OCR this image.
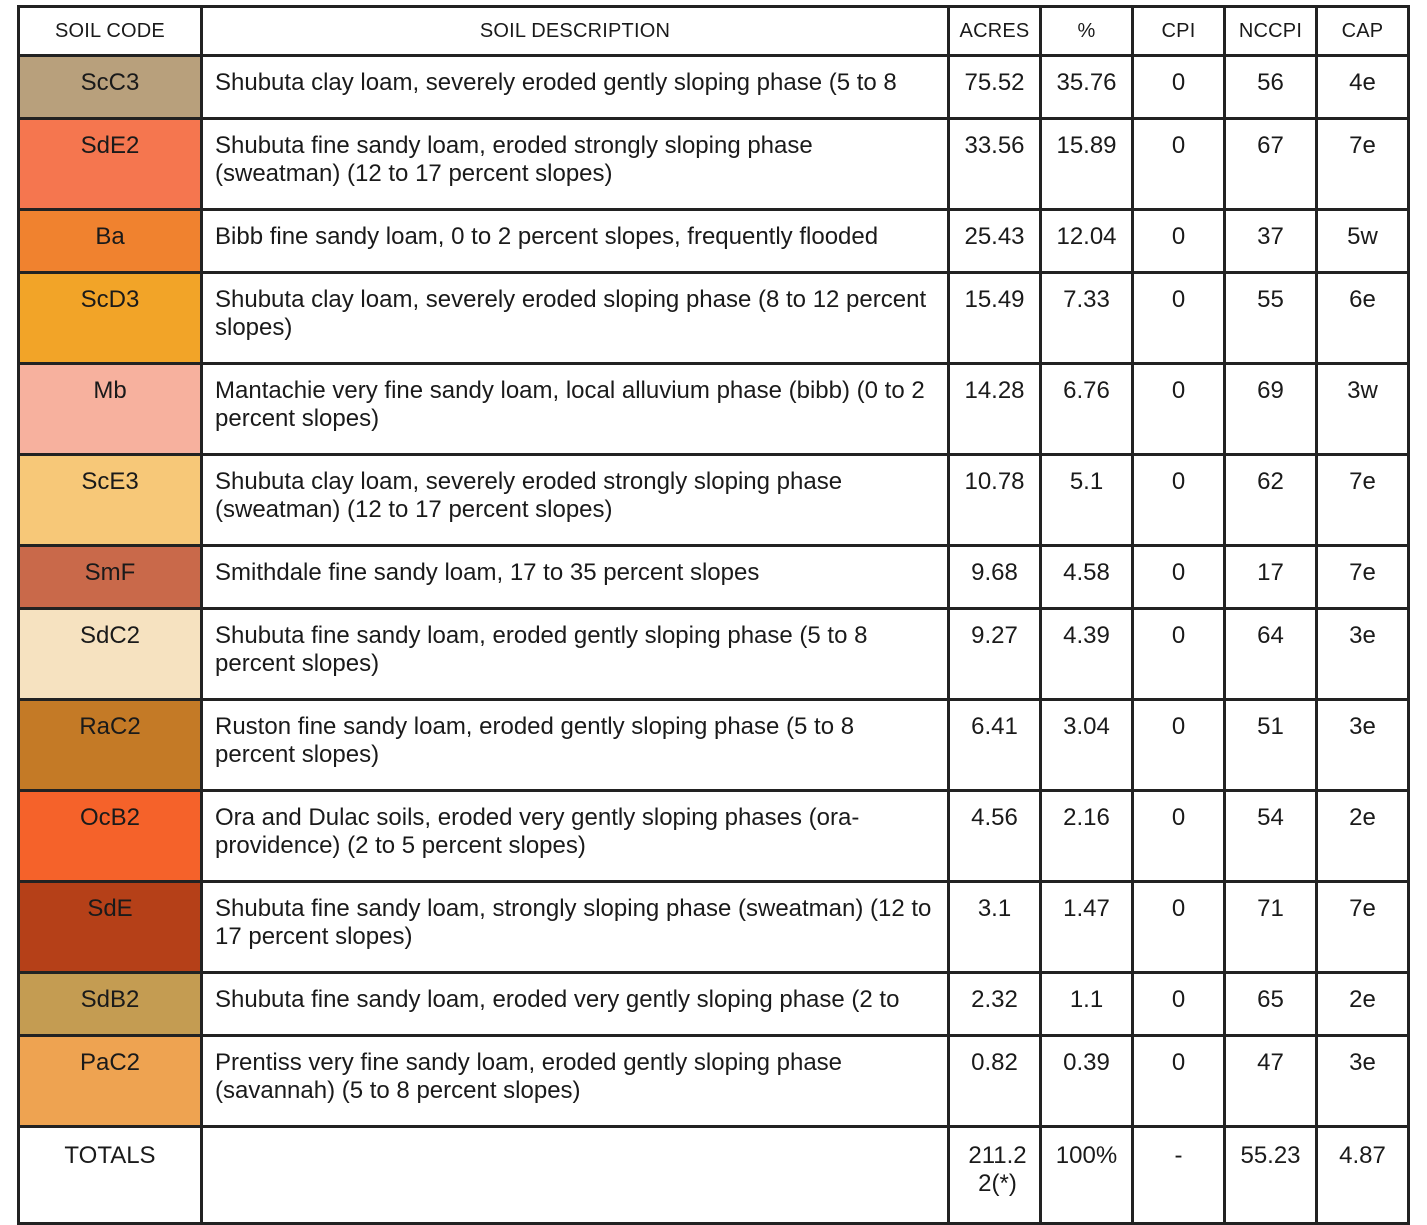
SOIL CODE	SOIL DESCRIPTION	ACRES	%	CPI	NCCPI	CAP
ScC3	Shubuta clay loam, severely eroded gently sloping phase (5 to 8	75.52	35.76	0	56	4e
SdE2	Shubuta fine sandy loam, eroded strongly sloping phase (sweatman) (12 to 17 percent slopes)	33.56	15.89	0	67	7e
Ba	Bibb fine sandy loam, 0 to 2 percent slopes, frequently flooded	25.43	12.04	0	37	5w
ScD3	Shubuta clay loam, severely eroded sloping phase (8 to 12 percent slopes)	15.49	7.33	0	55	6e
Mb	Mantachie very fine sandy loam, local alluvium phase (bibb) (0 to 2 percent slopes)	14.28	6.76	0	69	3w
ScE3	Shubuta clay loam, severely eroded strongly sloping phase (sweatman) (12 to 17 percent slopes)	10.78	5.1	0	62	7e
SmF	Smithdale fine sandy loam, 17 to 35 percent slopes	9.68	4.58	0	17	7e
SdC2	Shubuta fine sandy loam, eroded gently sloping phase (5 to 8 percent slopes)	9.27	4.39	0	64	3e
RaC2	Ruston fine sandy loam, eroded gently sloping phase (5 to 8 percent slopes)	6.41	3.04	0	51	3e
OcB2	Ora and Dulac soils, eroded very gently sloping phases (ora-providence) (2 to 5 percent slopes)	4.56	2.16	0	54	2e
SdE	Shubuta fine sandy loam, strongly sloping phase (sweatman) (12 to 17 percent slopes)	3.1	1.47	0	71	7e
SdB2	Shubuta fine sandy loam, eroded very gently sloping phase (2 to	2.32	1.1	0	65	2e
PaC2	Prentiss very fine sandy loam, eroded gently sloping phase (savannah) (5 to 8 percent slopes)	0.82	0.39	0	47	3e
TOTALS		211.22(*)	100%	-	55.23	4.87
